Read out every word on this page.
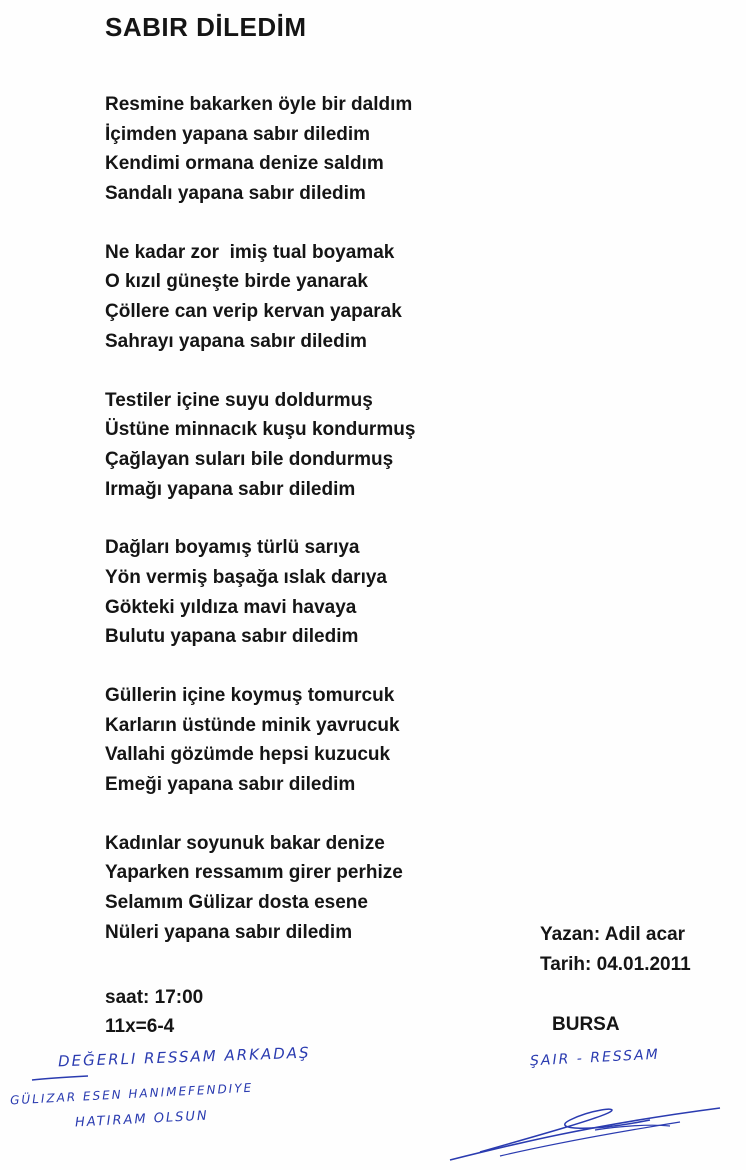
SABIR DİLEDİM
Resmine bakarken öyle bir daldım
İçimden yapana sabır diledim
Kendimi ormana denize saldım
Sandalı yapana sabır diledim
Ne kadar zor  imiş tual boyamak
O kızıl güneşte birde yanarak
Çöllere can verip kervan yaparak
Sahrayı yapana sabır diledim
Testiler içine suyu doldurmuş
Üstüne minnacık kuşu kondurmuş
Çağlayan suları bile dondurmuş
Irmağı yapana sabır diledim
Dağları boyamış türlü sarıya
Yön vermiş başağa ıslak darıya
Gökteki yıldıza mavi havaya
Bulutu yapana sabır diledim
Güllerin içine koymuş tomurcuk
Karların üstünde minik yavrucuk
Vallahi gözümde hepsi kuzucuk
Emeği yapana sabır diledim
Kadınlar soyunuk bakar denize
Yaparken ressamım girer perhize
Selamım Gülizar dosta esene
Nüleri yapana sabır diledim	Yazan: Adil acar
Tarih: 04.01.2011
saat: 17:00
11x=6-4	BURSA
DEĞERLI RESSAM ARKADAŞ
GÜLIZAR ESEN HANIMEFENDIYE
HATIRAM OLSUN
ŞAIR - RESSAM
